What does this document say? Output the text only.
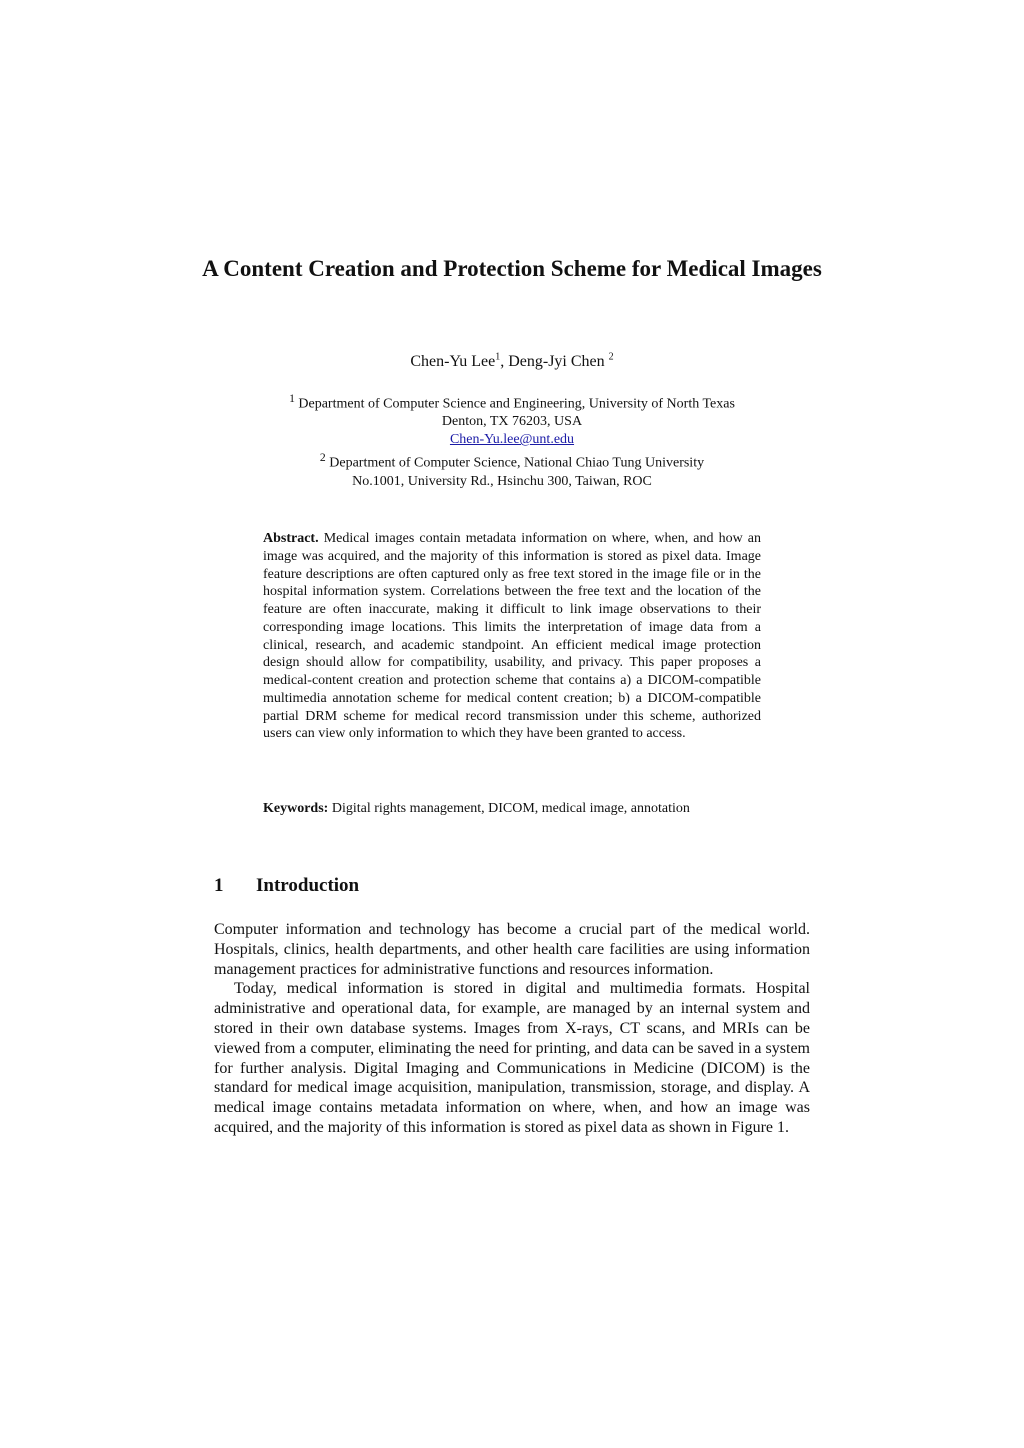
A Content Creation and Protection Scheme for Medical Images
Chen-Yu Lee$^1$, Deng-Jyi Chen $^2$
$^1$ Department of Computer Science and Engineering, University of North Texas
Denton, TX 76203, USA
Chen-Yu.lee@unt.edu
$^2$ Department of Computer Science, National Chiao Tung University
No.1001, University Rd., Hsinchu 300, Taiwan, ROC
Abstract. Medical images contain metadata information on where, when, and how an image was acquired, and the majority of this information is stored as pixel data. Image feature descriptions are often captured only as free text stored in the image file or in the hospital information system. Correlations between the free text and the location of the feature are often inaccurate, making it difficult to link image observations to their corresponding image locations. This limits the interpretation of image data from a clinical, research, and academic standpoint. An efficient medical image protection design should allow for compatibility, usability, and privacy. This paper proposes a medical-content creation and protection scheme that contains a) a DICOM-compatible multimedia annotation scheme for medical content creation; b) a DICOM-compatible partial DRM scheme for medical record transmission under this scheme, authorized users can view only information to which they have been granted to access.
Keywords: Digital rights management, DICOM, medical image, annotation
1 Introduction

Computer information and technology has become a crucial part of the medical world. Hospitals, clinics, health departments, and other health care facilities are using information management practices for administrative functions and resources information.

Today, medical information is stored in digital and multimedia formats. Hospital administrative and operational data, for example, are managed by an internal system and stored in their own database systems. Images from X-rays, CT scans, and MRIs can be viewed from a computer, eliminating the need for printing, and data can be saved in a system for further analysis. Digital Imaging and Communications in Medicine (DICOM) is the standard for medical image acquisition, manipulation, transmission, storage, and display. A medical image contains metadata information on where, when, and how an image was acquired, and the majority of this information is stored as pixel data as shown in Figure 1.
